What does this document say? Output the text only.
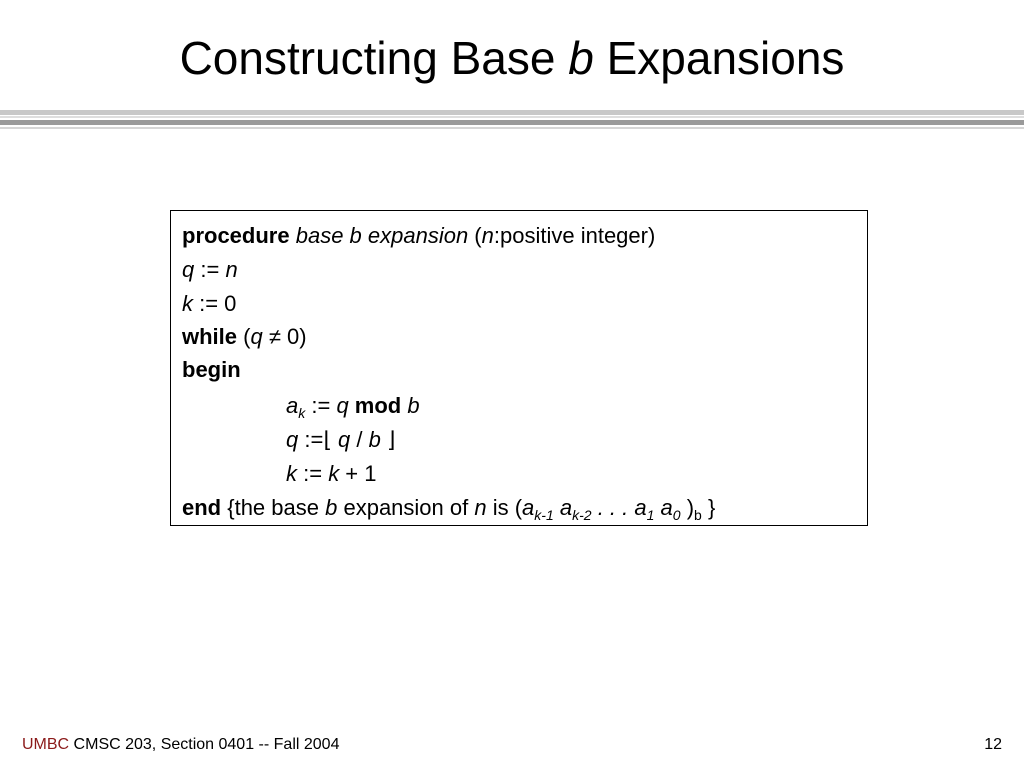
Constructing Base b Expansions
procedure base b expansion (n:positive integer)
q := n
k := 0
while (q ≠ 0)
begin
$a_k$ := q mod b
q :=⌊ q / b ⌋
k := k + 1
end {the base b expansion of n is ($a_{k-1}$ $a_{k-2}$ . . . $a_1$ $a_0$ )$_b$ }
UMBC CMSC 203, Section 0401 -- Fall 2004	12
